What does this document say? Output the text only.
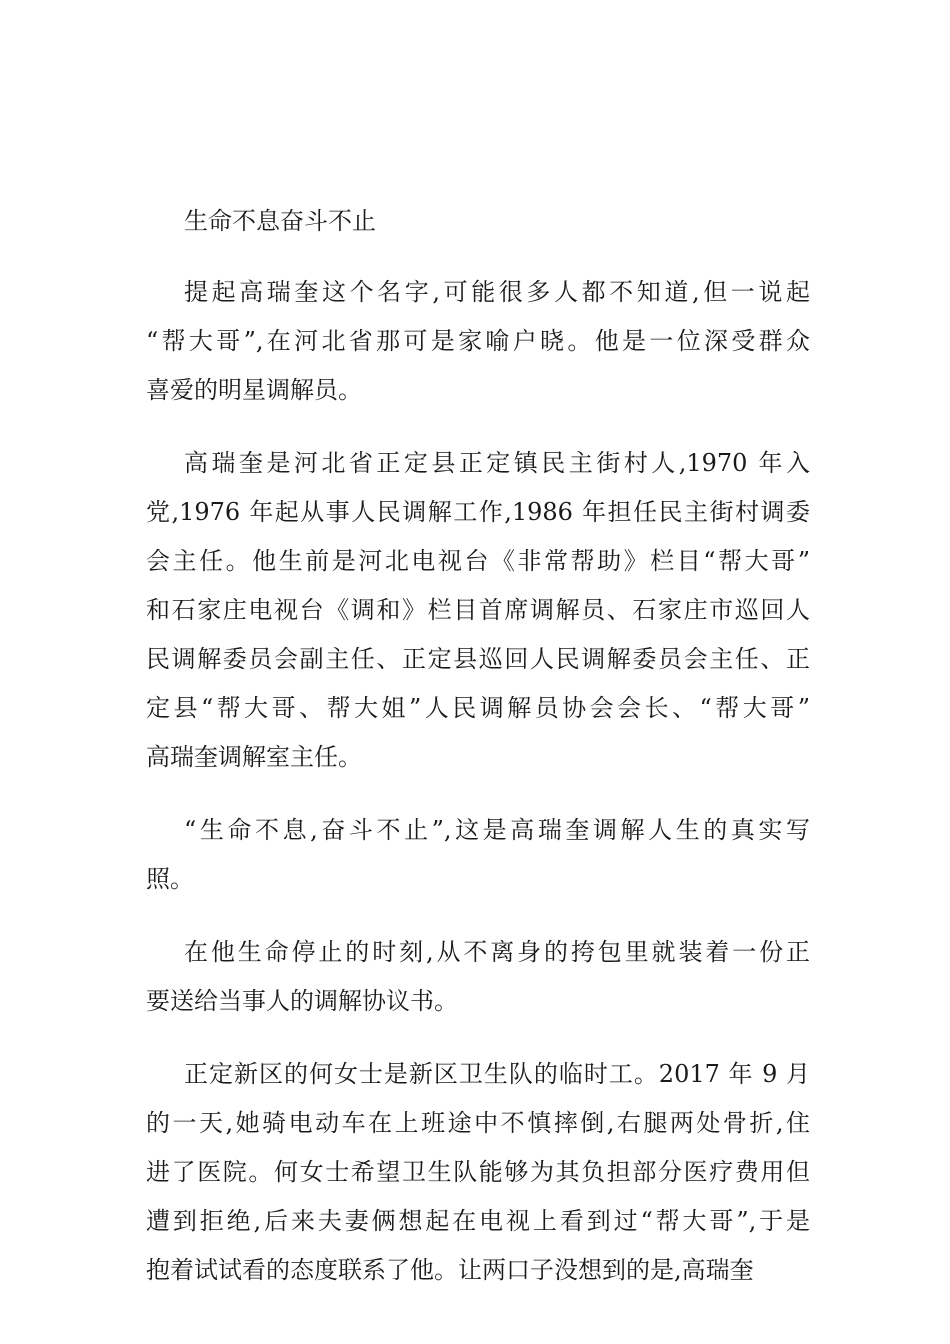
生命不息奋斗不止
提起高瑞奎这个名字,可能很多人都不知道,但一说起
“帮大哥”,在河北省那可是家喻户晓。他是一位深受群众
喜爱的明星调解员。
高瑞奎是河北省正定县正定镇民主街村人,1970 年入
党,1976 年起从事人民调解工作,1986 年担任民主街村调委
会主任。他生前是河北电视台《非常帮助》栏目“帮大哥”
和石家庄电视台《调和》栏目首席调解员、石家庄市巡回人
民调解委员会副主任、正定县巡回人民调解委员会主任、正
定县“帮大哥、帮大姐”人民调解员协会会长、“帮大哥”
高瑞奎调解室主任。
“生命不息,奋斗不止”,这是高瑞奎调解人生的真实写
照。
在他生命停止的时刻,从不离身的挎包里就装着一份正
要送给当事人的调解协议书。
正定新区的何女士是新区卫生队的临时工。2017 年 9 月
的一天,她骑电动车在上班途中不慎摔倒,右腿两处骨折,住
进了医院。何女士希望卫生队能够为其负担部分医疗费用但
遭到拒绝,后来夫妻俩想起在电视上看到过“帮大哥”,于是
抱着试试看的态度联系了他。让两口子没想到的是,高瑞奎
